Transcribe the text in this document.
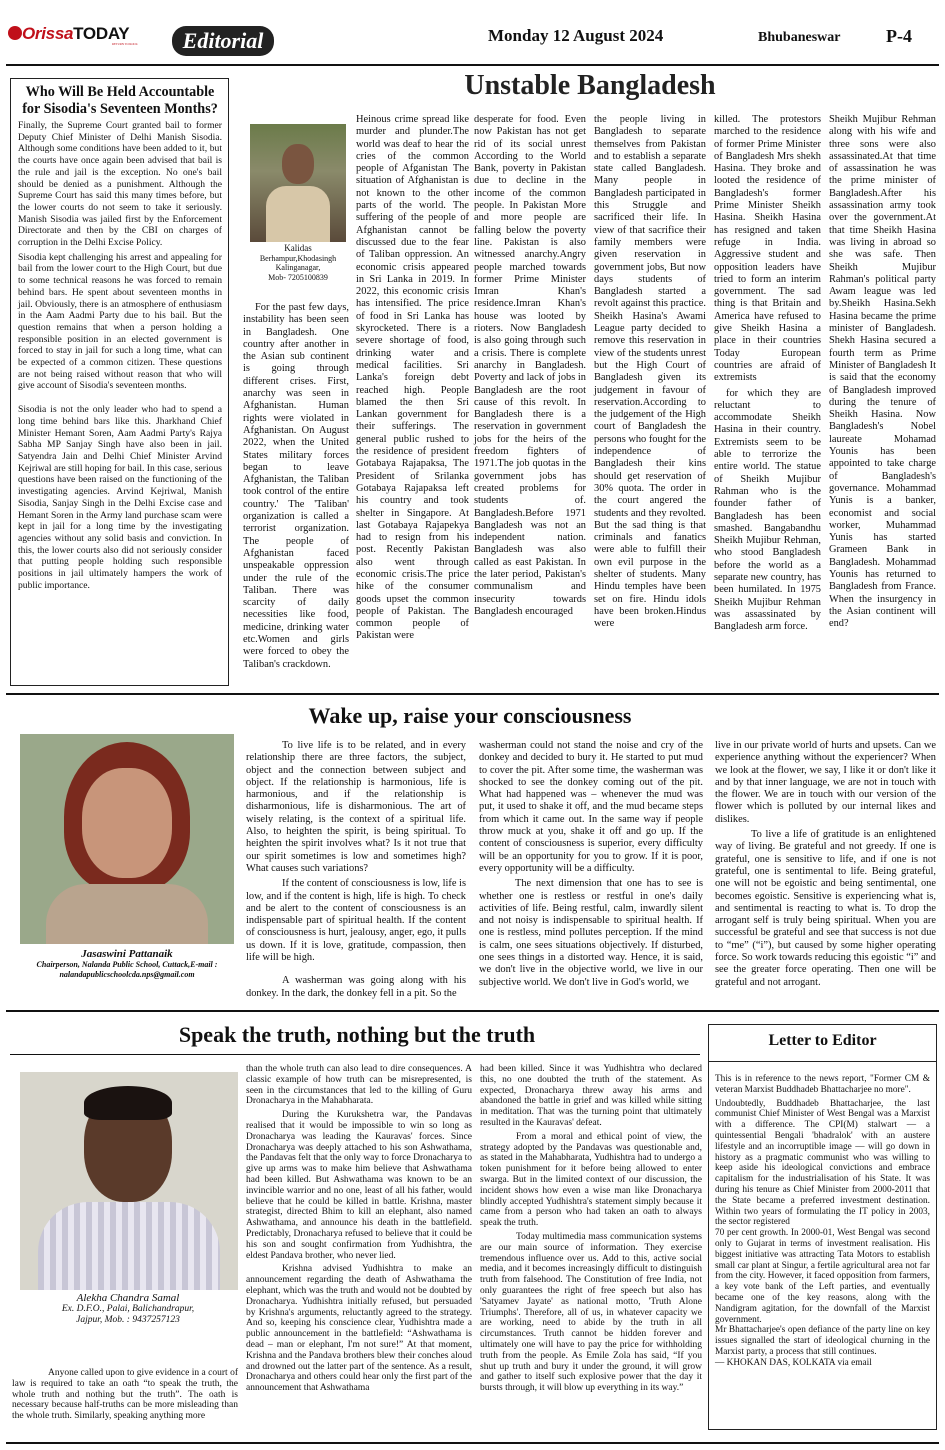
OrissaTODAY
RETURN TO ROCK	Editorial	Monday 12 August 2024	Bhubaneswar	P-4
Who Will Be Held Accountable for Sisodia's Seventeen Months?

Finally, the Supreme Court granted bail to former Deputy Chief Minister of Delhi Manish Sisodia. Although some conditions have been added to it, but the courts have once again been advised that bail is the rule and jail is the exception. No one's bail should be denied as a punishment. Although the Supreme Court has said this many times before, but the lower courts do not seem to take it seriously. Manish Sisodia was jailed first by the Enforcement Directorate and then by the CBI on charges of corruption in the Delhi Excise Policy.

Sisodia kept challenging his arrest and appealing for bail from the lower court to the High Court, but due to some technical reasons he was forced to remain behind bars. He spent about seventeen months in jail. Obviously, there is an atmosphere of enthusiasm in the Aam Aadmi Party due to his bail. But the question remains that when a person holding a responsible position in an elected government is forced to stay in jail for such a long time, what can be expected of a common citizen. These questions are not being raised without reason that who will give account of Sisodia's seventeen months.

Sisodia is not the only leader who had to spend a long time behind bars like this. Jharkhand Chief Minister Hemant Soren, Aam Aadmi Party's Rajya Sabha MP Sanjay Singh have also been in jail. Satyendra Jain and Delhi Chief Minister Arvind Kejriwal are still hoping for bail. In this case, serious questions have been raised on the functioning of the investigating agencies. Arvind Kejriwal, Manish Sisodia, Sanjay Singh in the Delhi Excise case and Hemant Soren in the Army land purchase scam were kept in jail for a long time by the investigating agencies without any solid basis and conviction. In this, the lower courts also did not seriously consider that putting people holding such responsible positions in jail ultimately hampers the work of public importance.

Unstable Bangladesh
Kalidas
Berhampur,Khodasingh
Kalinganagar,
Mob- 7205100839

For the past few days, instability has been seen in Bangladesh. One country after another in the Asian sub continent is going through different crises. First, anarchy was seen in Afghanistan. Human rights were violated in Afghanistan. On August 2022, when the United States military forces began to leave Afghanistan, the Taliban took control of the entire country.' The 'Taliban' organization is called a terrorist organization. The people of Afghanistan faced unspeakable oppression under the rule of the Taliban. There was scarcity of daily necessities like food, medicine, drinking water etc.Women and girls were forced to obey the Taliban's crackdown.

Heinous crime spread like murder and plunder.The world was deaf to hear the cries of the common people of Afganistan The situation of Afghanistan is not known to the other parts of the world. The suffering of the people of Afghanistan cannot be discussed due to the fear of Taliban oppression. An economic crisis appeared in Sri Lanka in 2019. In 2022, this economic crisis has intensified. The price of food in Sri Lanka has skyrocketed. There is a severe shortage of food, drinking water and medical facilities. Sri Lanka's foreign debt reached high. People blamed the then Sri Lankan government for their sufferings. The general public rushed to the residence of president Gotabaya Rajapaksa, The President of Srilanka Gotabaya Rajapaksa left his country and took shelter in Singapore. At last Gotabaya Rajapekya had to resign from his post. Recently Pakistan also went through economic crisis.The price hike of the consumer goods upset the common people of Pakistan. The common people of Pakistan were

desperate for food. Even now Pakistan has not get rid of its social unrest According to the World Bank, poverty in Pakistan due to decline in the income of the common people. In Pakistan More and more people are falling below the poverty line. Pakistan is also witnessed anarchy.Angry people marched towards former Prime Minister Imran Khan's residence.Imran Khan's house was looted by rioters. Now Bangladesh is also going through such a crisis. There is complete anarchy in Bangladesh. Poverty and lack of jobs in Bangladesh are the root cause of this revolt. In Bangladesh there is a reservation in government jobs for the heirs of the freedom fighters of 1971.The job quotas in the government jobs has created problems for students of. Bangladesh.Before 1971 Bangladesh was not an independent nation. Bangladesh was also called as east Pakistan. In the later period, Pakistan's communalism and insecurity towards Bangladesh encouraged

the people living in Bangladesh to separate themselves from Pakistan and to establish a separate state called Bangladesh. Many people in Bangladesh participated in this Struggle and sacrificed their life. In view of that sacrifice their family members were given reservation in government jobs, But now days students of Bangladesh started a revolt against this practice. Sheikh Hasina's Awami League party decided to remove this reservation in view of the students unrest but the High Court of Bangladesh given its judgement in favour of reservation.According to the judgement of the High court of Bangladesh the persons who fought for the independence of Bangladesh their kins should get reservation of 30% quota. The order in the court angered the students and they revolted. But the sad thing is that criminals and fanatics were able to fulfill their own evil purpose in the shelter of students. Many Hindu temples have been set on fire. Hindu idols have been broken.Hindus were

killed. The protestors marched to the residence of former Prime Minister of Bangladesh Mrs shekh Hasina. They broke and looted the residence of Bangladesh's former Prime Minister Sheikh Hasina. Sheikh Hasina has resigned and taken refuge in India. Aggressive student and opposition leaders have tried to form an interim government. The sad thing is that Britain and America have refused to give Sheikh Hasina a place in their countries Today European countries are afraid of extremists

for which they are reluctant to accommodate Sheikh Hasina in their country. Extremists seem to be able to terrorize the entire world. The statue of Sheikh Mujibur Rahman who is the founder father of Bangladesh has been smashed. Bangabandhu Sheikh Mujibur Rehman, who stood Bangladesh before the world as a separate new country, has been humilated. In 1975 Sheikh Mujibur Rehman was assassinated by Bangladesh arm force.

Sheikh Mujibur Rehman along with his wife and three sons were also assassinated.At that time of assassination he was the prime minister of Bangladesh.After his assassination army took over the government.At that time Sheikh Hasina was living in abroad so she was safe. Then Sheikh Mujibur Rahman's political party Awam league was led by.Sheikh Hasina.Sekh Hasina became the prime minister of Bangladesh. Shekh Hasina secured a fourth term as Prime Minister of Bangladesh It is said that the economy of Bangladesh improved during the tenure of Sheikh Hasina. Now Bangladesh's Nobel laureate Mohamad Younis has been appointed to take charge of Bangladesh's governance. Mohammad Yunis is a banker, economist and social worker, Muhammad Yunis has started Grameen Bank in Bangladesh. Mohammad Younis has returned to Bangladesh from France. When the insurgency in the Asian continent will end?

Wake up, raise your consciousness
Jasaswini Pattanaik
Chairperson, Nalanda Public School, Cuttack,E-mail : nalandapublicschoolcda.nps@gmail.com

To live life is to be related, and in every relationship there are three factors, the subject, object and the connection between subject and object. If the relationship is harmonious, life is harmonious, and if the relationship is disharmonious, life is disharmonious. The art of wisely relating, is the context of a spiritual life. Also, to heighten the spirit, is being spiritual. To heighten the spirit involves what? Is it not true that our spirit sometimes is low and sometimes high? What causes such variations?

If the content of consciousness is low, life is low, and if the content is high, life is high. To check and be alert to the content of consciousness is an indispensable part of spiritual health. If the content of consciousness is hurt, jealousy, anger, ego, it pulls us down. If it is love, gratitude, compassion, then life will be high.

A washerman was going along with his donkey. In the dark, the donkey fell in a pit. So the

washerman could not stand the noise and cry of the donkey and decided to bury it. He started to put mud to cover the pit. After some time, the washerman was shocked to see the donkey coming out of the pit. What had happened was – whenever the mud was put, it used to shake it off, and the mud became steps from which it came out. In the same way if people throw muck at you, shake it off and go up. If the content of consciousness is superior, every difficulty will be an opportunity for you to grow. If it is poor, every opportunity will be a difficulty.

The next dimension that one has to see is whether one is restless or restful in one's daily activities of life. Being restful, calm, inwardly silent and not noisy is indispensable to spiritual health. If one is restless, mind pollutes perception. If the mind is calm, one sees situations objectively. If disturbed, one sees things in a distorted way. Hence, it is said, we don't live in the objective world, we live in our subjective world. We don't live in God's world, we

live in our private world of hurts and upsets. Can we experience anything without the experiencer? When we look at the flower, we say, I like it or don't like it and by that inner language, we are not in touch with the flower. We are in touch with our version of the flower which is polluted by our internal likes and dislikes.

To live a life of gratitude is an enlightened way of living. Be grateful and not greedy. If one is grateful, one is sensitive to life, and if one is not grateful, one is sentimental to life. Being grateful, one will not be egoistic and being sentimental, one becomes egoistic. Sensitive is experiencing what is, and sentimental is reacting to what is. To drop the arrogant self is truly being spiritual. When you are successful be grateful and see that success is not due to “me” (“i”), but caused by some higher operating force. So work towards reducing this egoistic “i” and see the greater force operating. Then one will be grateful and not arrogant.

Speak the truth, nothing but the truth
Alekha Chandra Samal
Ex. D.F.O., Palai, Balichandrapur,
Jajpur, Mob. : 9437257123

Anyone called upon to give evidence in a court of law is required to take an oath “to speak the truth, the whole truth and nothing but the truth”. The oath is necessary because half-truths can be more misleading than the whole truth. Similarly, speaking anything more

than the whole truth can also lead to dire consequences. A classic example of how truth can be misrepresented, is seen in the circumstances that led to the killing of Guru Dronacharya in the Mahabharata.

During the Kurukshetra war, the Pandavas realised that it would be impossible to win so long as Dronacharya was leading the Kauravas' forces. Since Dronacharya was deeply attached to his son Ashwathama, the Pandavas felt that the only way to force Dronacharya to give up arms was to make him believe that Ashwathama had been killed. But Ashwathama was known to be an invincible warrior and no one, least of all his father, would believe that he could be killed in battle. Krishna, master strategist, directed Bhim to kill an elephant, also named Ashwathama, and announce his death in the battlefield. Predictably, Dronacharya refused to believe that it could be his son and sought confirmation from Yudhishtra, the eldest Pandava brother, who never lied.

Krishna advised Yudhishtra to make an announcement regarding the death of Ashwathama the elephant, which was the truth and would not be doubted by Dronacharya. Yudhishtra initially refused, but persuaded by Krishna's arguments, reluctantly agreed to the strategy. And so, keeping his conscience clear, Yudhishtra made a public announcement in the battlefield: “Ashwathama is dead – man or elephant, I'm not sure!” At that moment, Krishna and the Pandava brothers blew their conches aloud and drowned out the latter part of the sentence. As a result, Dronacharya and others could hear only the first part of the announcement that Ashwathama

had been killed. Since it was Yudhishtra who declared this, no one doubted the truth of the statement. As expected, Dronacharya threw away his arms and abandoned the battle in grief and was killed while sitting in meditation. That was the turning point that ultimately resulted in the Kauravas' defeat.

From a moral and ethical point of view, the strategy adopted by the Pandavas was questionable and, as stated in the Mahabharata, Yudhishtra had to undergo a token punishment for it before being allowed to enter swarga. But in the limited context of our discussion, the incident shows how even a wise man like Dronacharya blindly accepted Yudhishtra's statement simply because it came from a person who had taken an oath to always speak the truth.

Today multimedia mass communication systems are our main source of information. They exercise tremendous influence over us. Add to this, active social media, and it becomes increasingly difficult to distinguish truth from falsehood. The Constitution of free India, not only guarantees the right of free speech but also has 'Satyamev Jayate' as national motto, 'Truth Alone Triumphs'. Therefore, all of us, in whatever capacity we are working, need to abide by the truth in all circumstances. Truth cannot be hidden forever and ultimately one will have to pay the price for withholding truth from the people. As Emile Zola has said, “If you shut up truth and bury it under the ground, it will grow and gather to itself such explosive power that the day it bursts through, it will blow up everything in its way.”

Letter to Editor

This is in reference to the news report, "Former CM & veteran Marxist Buddhadeb Bhattacharjee no more".

Undoubtedly, Buddhadeb Bhattacharjee, the last communist Chief Minister of West Bengal was a Marxist with a difference. The CPI(M) stalwart — a quintessential Bengali 'bhadralok' with an austere lifestyle and an incorruptible image — will go down in history as a pragmatic communist who was willing to keep aside his ideological convictions and embrace capitalism for the industrialisation of his State. It was during his tenure as Chief Minister from 2000-2011 that the State became a preferred investment destination. Within two years of formulating the IT policy in 2003, the sector registered

70 per cent growth. In 2000-01, West Bengal was second only to Gujarat in terms of investment realisation. His biggest initiative was attracting Tata Motors to establish small car plant at Singur, a fertile agricultural area not far from the city. However, it faced opposition from farmers, a key vote bank of the Left parties, and eventually became one of the key reasons, along with the Nandigram agitation, for the downfall of the Marxist government.

Mr Bhattacharjee's open defiance of the party line on key issues signalled the start of ideological churning in the Marxist party, a process that still continues.

— KHOKAN DAS, KOLKATA via email
